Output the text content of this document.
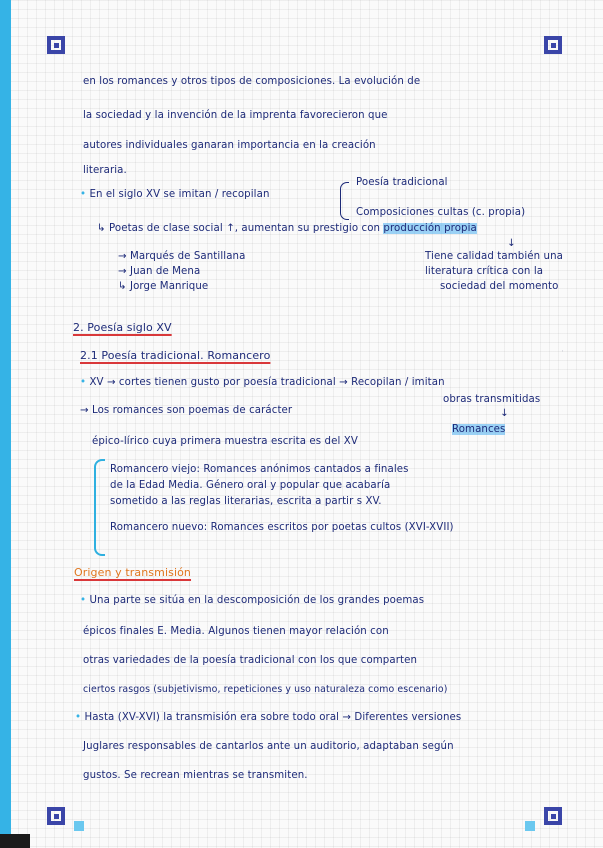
en los romances y otros tipos de composiciones. La evolución de
la sociedad y la invención de la imprenta favorecieron que
autores individuales ganaran importancia en la creación
literaria.
• En el siglo XV se imitan / recopilan
Poesía tradicional
Composiciones cultas (c. propia)
↳ Poetas de clase social ↑, aumentan su prestigio con producción propia
→ Marqués de Santillana
→ Juan de Mena
↳ Jorge Manrique
↓
Tiene calidad también una
literatura crítica con la
sociedad del momento
2. Poesía siglo XV
2.1 Poesía tradicional. Romancero	·
• XV → cortes tienen gusto por poesía tradicional → Recopilan / imitan
obras transmitidas
↓
Romances
→ Los romances son poemas de carácter
épico-lírico cuya primera muestra escrita es del XV
Romancero viejo: Romances anónimos cantados a finales
de la Edad Media. Género oral y popular que acabaría
sometido a las reglas literarias, escrita a partir s XV.
Romancero nuevo: Romances escritos por poetas cultos (XVI-XVII)
Origen y transmisión
• Una parte se sitúa en la descomposición de los grandes poemas
épicos finales E. Media. Algunos tienen mayor relación con
otras variedades de la poesía tradicional con los que comparten
ciertos rasgos (subjetivismo, repeticiones y uso naturaleza como escenario)
• Hasta (XV-XVI) la transmisión era sobre todo oral → Diferentes versiones
Juglares responsables de cantarlos ante un auditorio, adaptaban según
gustos. Se recrean mientras se transmiten.
